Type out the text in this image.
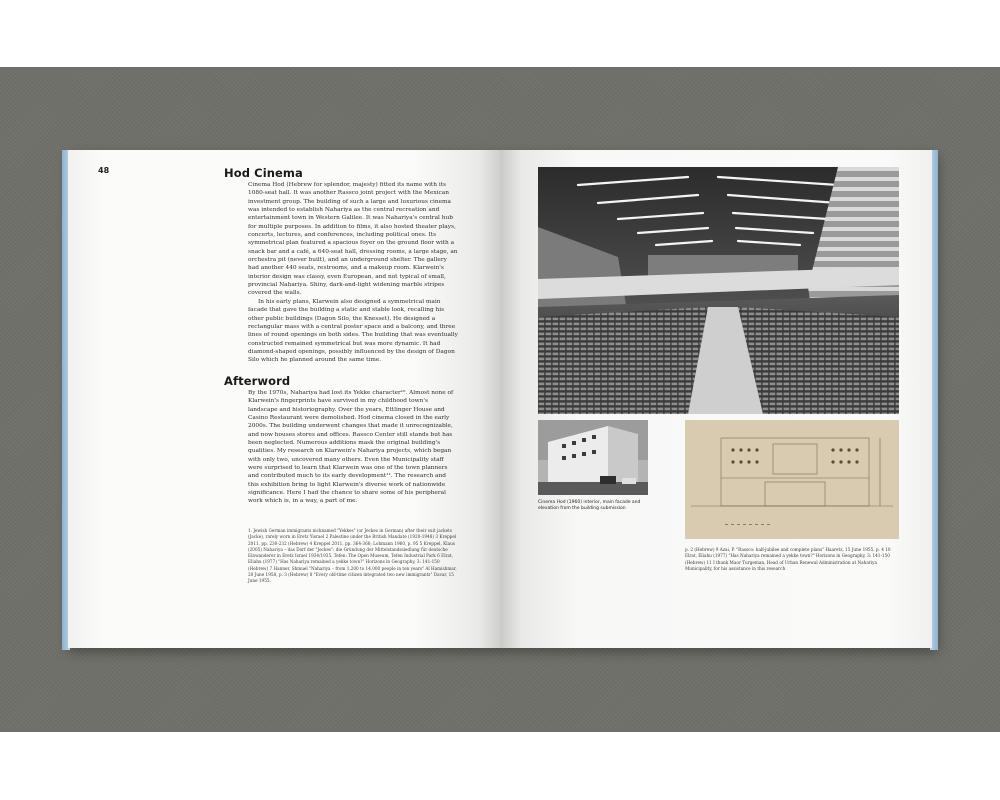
48	Hod Cinema

Cinema Hod (Hebrew for splendor, majesty) fitted its name with its 1080-seat hall. It was another Rassco joint project with the Mexican investment group. The building of such a large and luxurious cinema was intended to establish Nahariya as the central recreation and entertainment town in Western Galilee. It was Nahariya's central hub for multiple purposes. In addition to films, it also hosted theater plays, concerts, lectures, and conferences, including political ones. Its symmetrical plan featured a spacious foyer on the ground floor with a snack bar and a café, a 640-seat hall, dressing rooms, a large stage, an orchestra pit (never built), and an underground shelter. The gallery had another 440 seats, restrooms, and a makeup room. Klarwein's interior design was classy, even European, and not typical of small, provincial Nahariya. Shiny, dark-and-light widening marble stripes covered the walls.

In his early plans, Klarwein also designed a symmetrical main facade that gave the building a static and stable look, recalling his other public buildings (Dagon Silo, the Knesset). He designed a rectangular mass with a central poster space and a balcony, and three lines of round openings on both sides. The building that was eventually constructed remained symmetrical but was more dynamic. It had diamond-shaped openings, possibly influenced by the design of Dagon Silo which he planned around the same time.

Afterword

By the 1970s, Nahariya had lost its Yekke character¹⁰. Almost none of Klarwein's fingerprints have survived in my childhood town's landscape and historiography. Over the years, Ettlinger House and Casino Restaurant were demolished. Hod cinema closed in the early 2000s. The building underwent changes that made it unrecognizable, and now houses stores and offices. Rassco Center still stands but has been neglected. Numerous additions mask the original building's qualities. My research on Klarwein's Nahariya projects, which began with only two, uncovered many others. Even the Municipality staff were surprised to learn that Klarwein was one of the town planners and contributed much to its early development¹¹. The research and this exhibition bring to light Klarwein's diverse work of nationwide significance. Here I had the chance to share some of his peripheral work which is, in a way, a part of me.

1. Jewish German immigrants nicknamed "Yekkes" (or Jeckes in German) after their suit jackets (Jacke), rarely worn in Eretz Yisrael 2 Palestine under the British Mandate (1920-1948) 3 Kreppel 2011, pp. 230-232 (Hebrew) 4 Kreppel 2011, pp. 364-366; Lohmann 1960, p. 95 5 Kreppel, Klaus (2005) Nahariya – das Dorf der "Jeckes": die Gründung der Mittelstandssiedlung für deutsche Einwanderer in Eretz Israel 1934/1935. Tefen: The Open Museum, Tefen Industrial Park 6 Elrat, Eliahu (1977) "Has Nahariya remained a yekke town?" Horizons in Geography, 3: 141-150 (Hebrew) 7 Hanner, Shmuel "Nahariya – from 1,200 to 14,000 people in ten years" Al Hamishmar, 20 June 1958, p. 3 (Hebrew) 8 "Every old-time citizen integrated two new immigrants" Davar, 15 June 1955,
Cinema Hod (1960) interior, main facade and elevation from the building submission
p. 2 (Hebrew) 9 Azai, P. "Rassco: half-jubilee and complete plans" Haaretz, 15 June 1955, p. 4 10 Elrat, Eliahu (1977) "Has Nahariya remained a yekke town?" Horizons in Geography, 3: 141-150 (Hebrew) 11 I thank Maor Turgeman, Head of Urban Renewal Administration at Nahariya Municipality, for his assistance in this research
